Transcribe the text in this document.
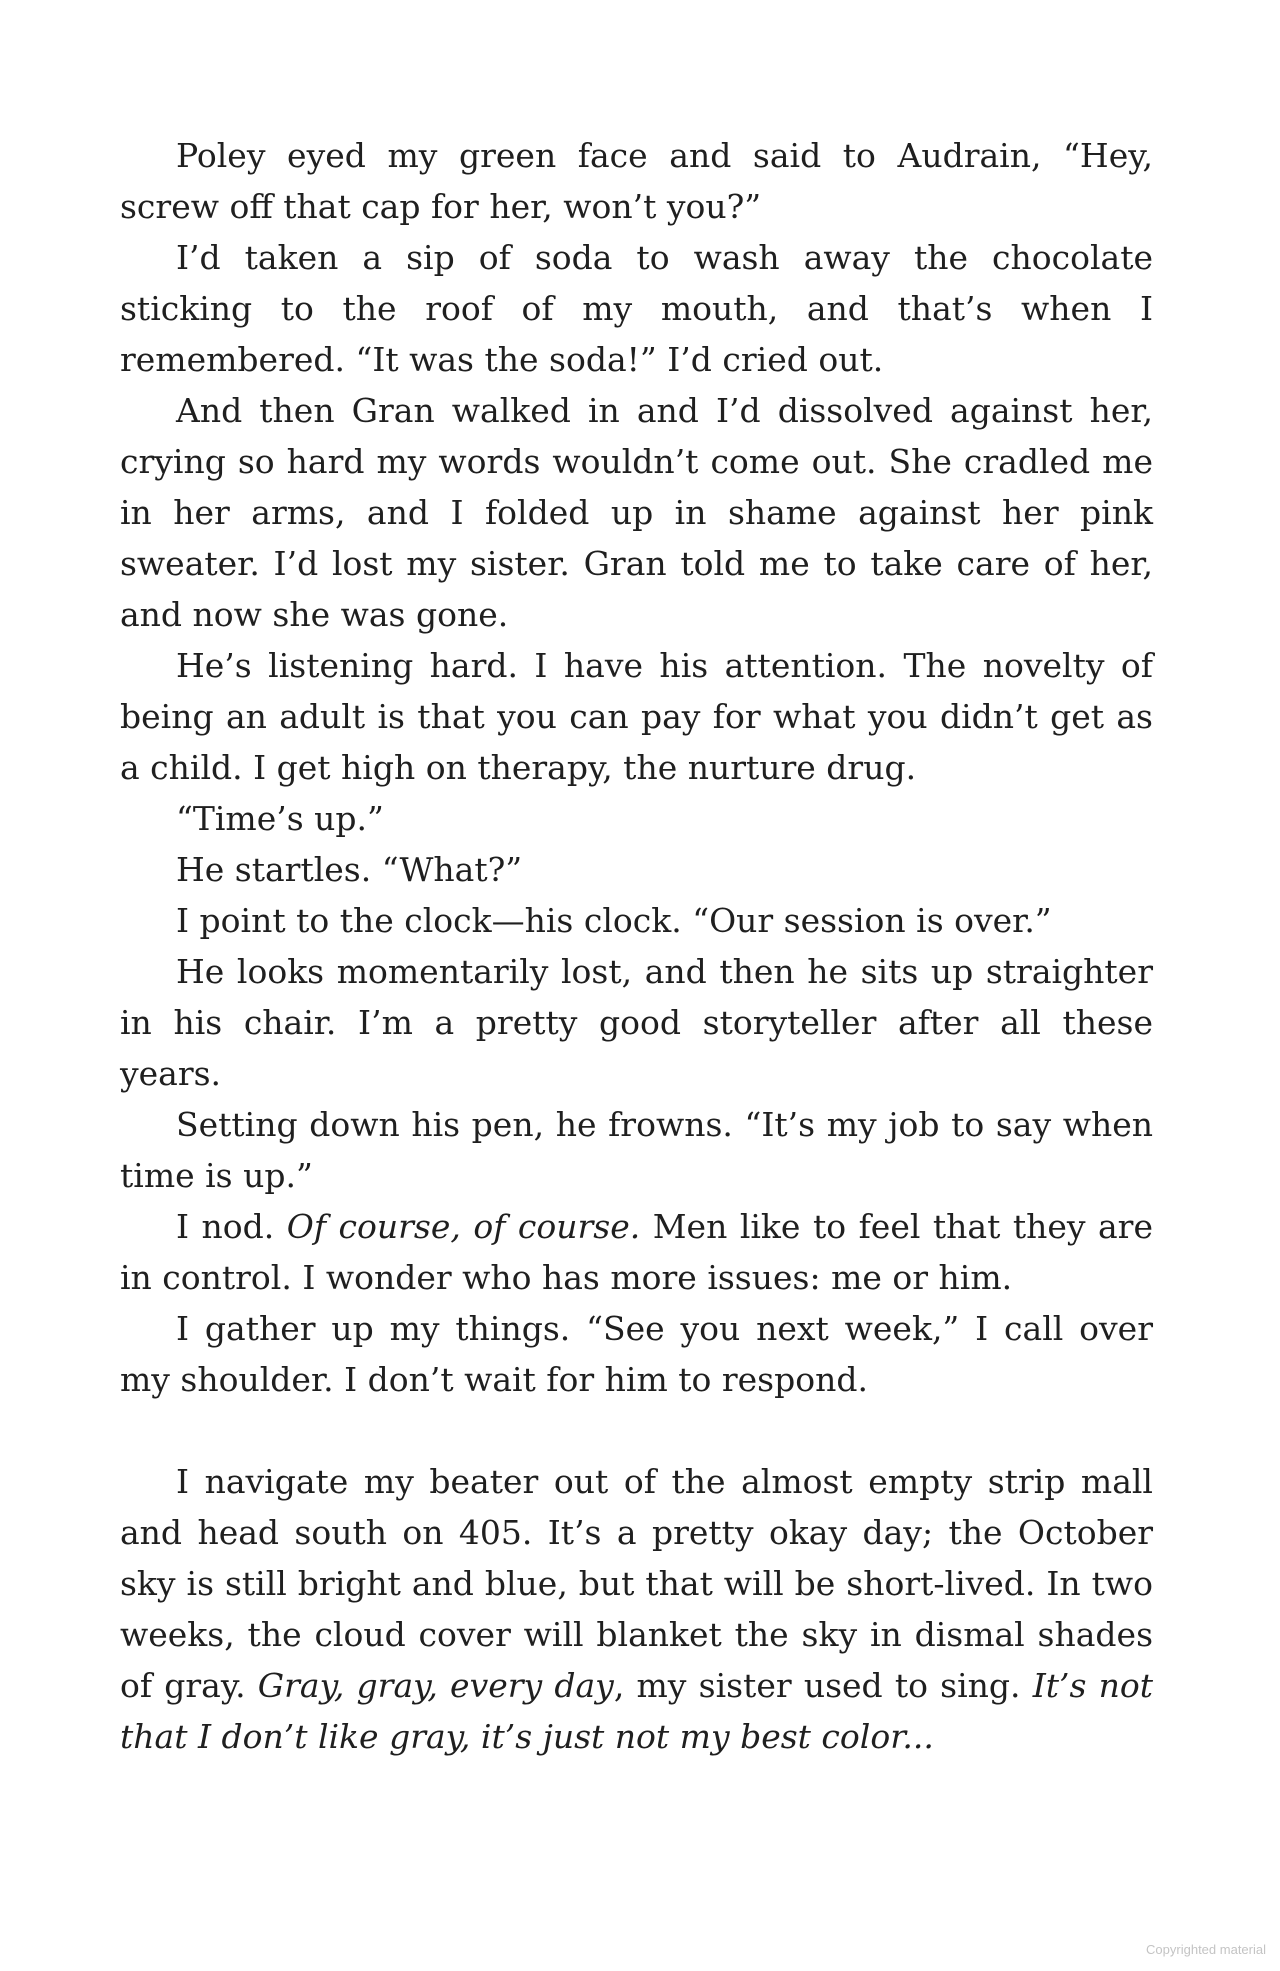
Poley eyed my green face and said to Audrain, “Hey, screw off that cap for her, won’t you?”

I’d taken a sip of soda to wash away the chocolate sticking to the roof of my mouth, and that’s when I remembered. “It was the soda!” I’d cried out.

And then Gran walked in and I’d dissolved against her, crying so hard my words wouldn’t come out. She cradled me in her arms, and I folded up in shame against her pink sweater. I’d lost my sister. Gran told me to take care of her, and now she was gone.

He’s listening hard. I have his attention. The novelty of being an adult is that you can pay for what you didn’t get as a child. I get high on therapy, the nurture drug.

“Time’s up.”

He startles. “What?”

I point to the clock—his clock. “Our session is over.”

He looks momentarily lost, and then he sits up straighter in his chair. I’m a pretty good storyteller after all these years.

Setting down his pen, he frowns. “It’s my job to say when time is up.”

I nod. Of course, of course. Men like to feel that they are in control. I wonder who has more issues: me or him.

I gather up my things. “See you next week,” I call over my shoulder. I don’t wait for him to respond.

I navigate my beater out of the almost empty strip mall and head south on 405. It’s a pretty okay day; the October sky is still bright and blue, but that will be short-lived. In two weeks, the cloud cover will blanket the sky in dismal shades of gray. Gray, gray, every day, my sister used to sing. It’s not that I don’t like gray, it’s just not my best color...

Copyrighted material
